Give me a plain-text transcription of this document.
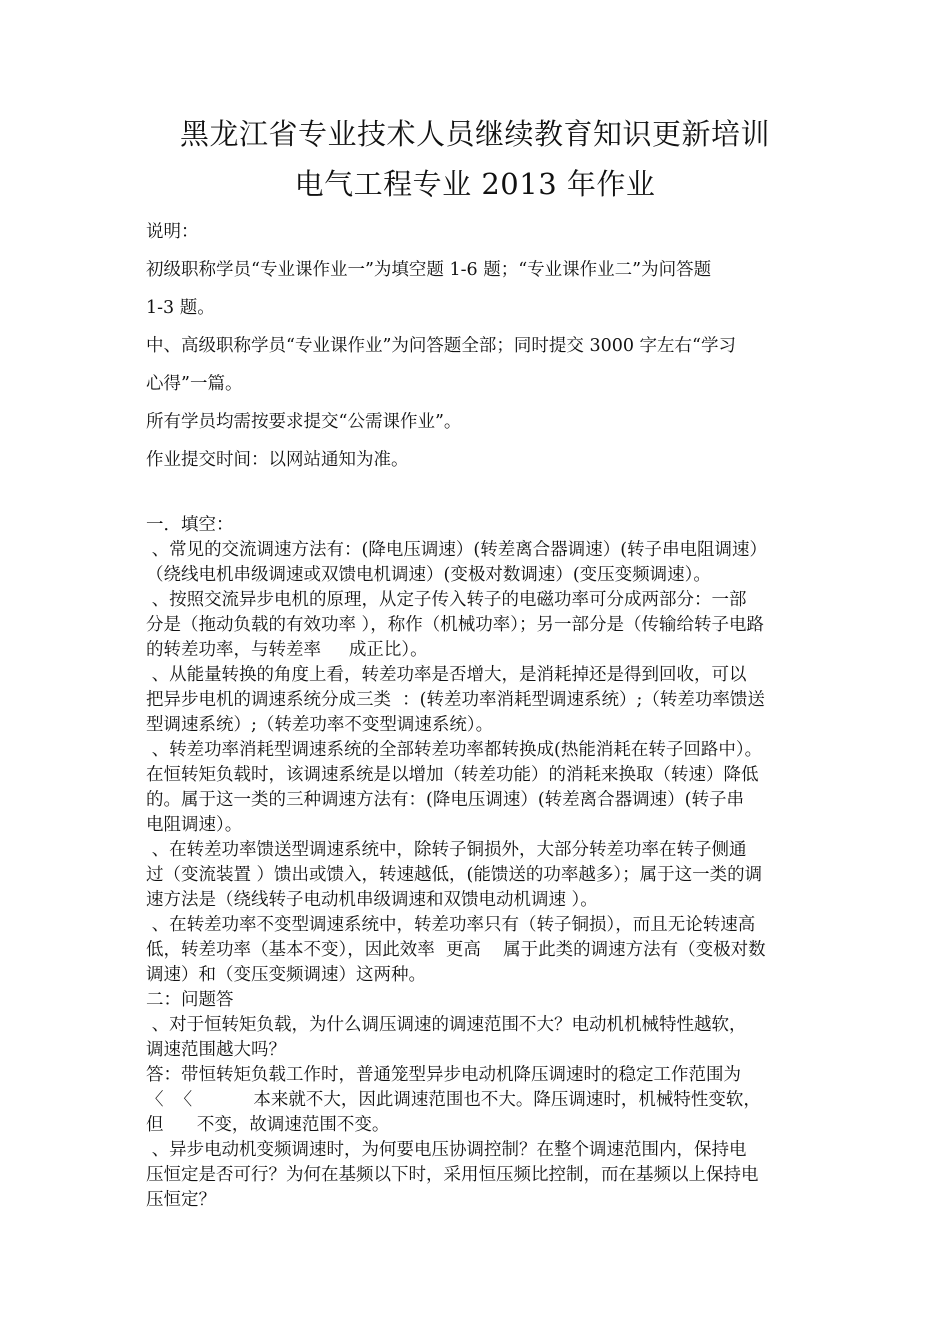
黑龙江省专业技术人员继续教育知识更新培训
电气工程专业 2013 年作业
说明：
初级职称学员“专业课作业一”为填空题 1-6 题；“专业课作业二”为问答题
1-3 题。
中、高级职称学员“专业课作业”为问答题全部；同时提交 3000 字左右“学习
心得”一篇。
所有学员均需按要求提交“公需课作业”。
作业提交时间：以网站通知为准。
一．填空：
、常见的交流调速方法有：(降电压调速）(转差离合器调速）(转子串电阻调速）
（绕线电机串级调速或双馈电机调速）(变极对数调速）(变压变频调速）。
、按照交流异步电机的原理，从定子传入转子的电磁功率可分成两部分：一部
分是（拖动负载的有效功率 ），称作（机械功率）；另一部分是（传输给转子电路
的转差功率，与转差率     成正比）。
、从能量转换的角度上看，转差功率是否增大，是消耗掉还是得到回收，可以
把异步电机的调速系统分成三类  ：(转差功率消耗型调速系统）;（转差功率馈送
型调速系统）;（转差功率不变型调速系统）。
、转差功率消耗型调速系统的全部转差功率都转换成(热能消耗在转子回路中）。
在恒转矩负载时，该调速系统是以增加（转差功能）的消耗来换取（转速）降低
的。属于这一类的三种调速方法有：(降电压调速）(转差离合器调速）(转子串
电阻调速）。
、在转差功率馈送型调速系统中，除转子铜损外，大部分转差功率在转子侧通
过（变流装置 ）馈出或馈入，转速越低，(能馈送的功率越多）；属于这一类的调
速方法是（绕线转子电动机串级调速和双馈电动机调速 ）。
、在转差功率不变型调速系统中，转差功率只有（转子铜损），而且无论转速高
低，转差功率（基本不变），因此效率  更高    属于此类的调速方法有（变极对数
调速）和（变压变频调速）这两种。
二：问题答
、对于恒转矩负载，为什么调压调速的调速范围不大？电动机机械特性越软，
调速范围越大吗？
答：带恒转矩负载工作时，普通笼型异步电动机降压调速时的稳定工作范围为
〈  〈           本来就不大，因此调速范围也不大。降压调速时，机械特性变软，
但      不变，故调速范围不变。
、异步电动机变频调速时，为何要电压协调控制？在整个调速范围内，保持电
压恒定是否可行？为何在基频以下时，采用恒压频比控制，而在基频以上保持电
压恒定？
